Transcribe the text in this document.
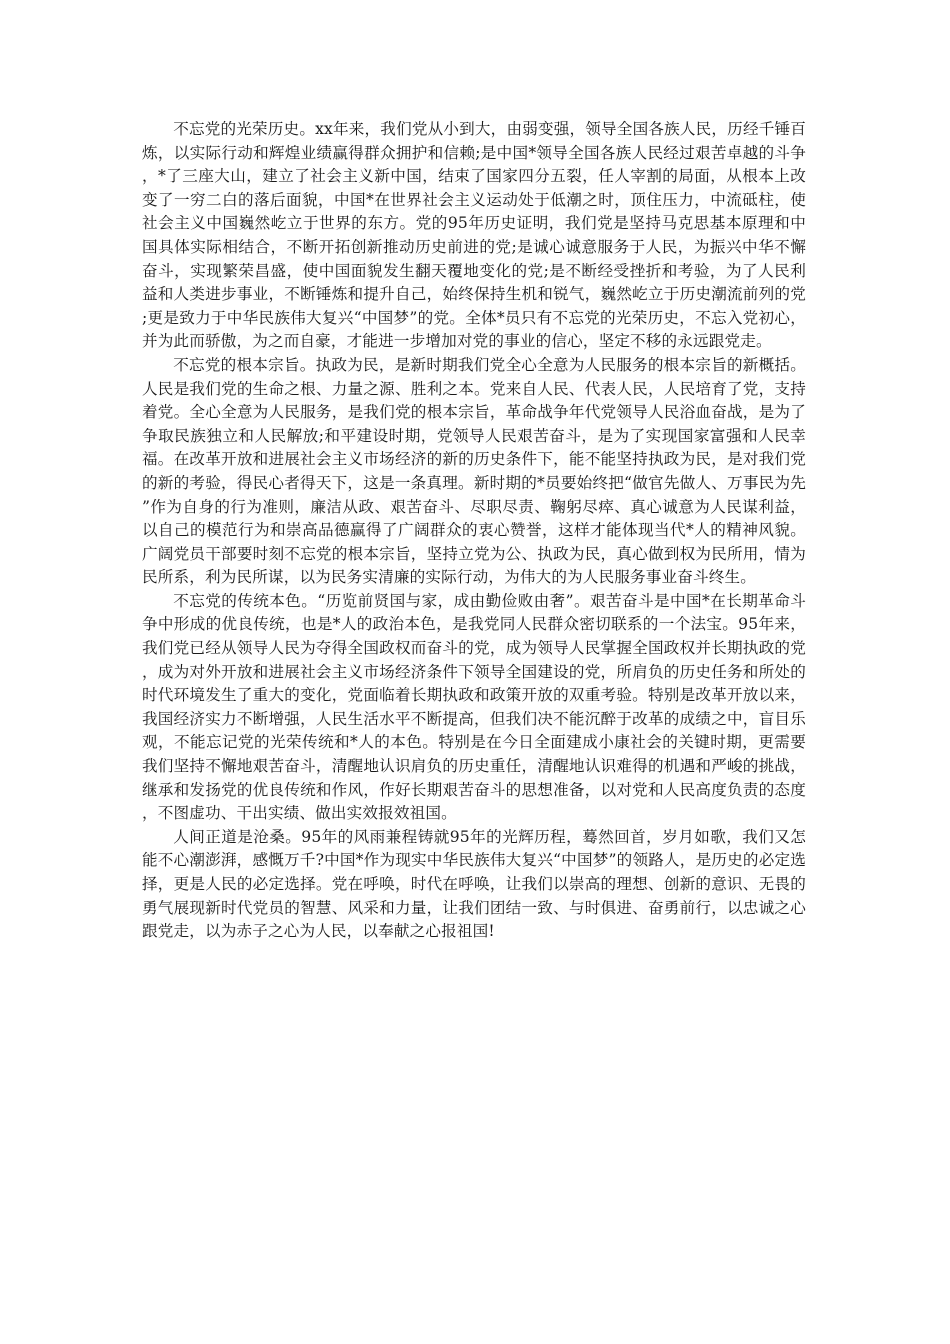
不忘党的光荣历史。xx年来，我们党从小到大，由弱变强，领导全国各族人民，历经千锤百炼，以实际行动和辉煌业绩赢得群众拥护和信赖;是中国*领导全国各族人民经过艰苦卓越的斗争，*了三座大山，建立了社会主义新中国，结束了国家四分五裂，任人宰割的局面，从根本上改变了一穷二白的落后面貌，中国*在世界社会主义运动处于低潮之时，顶住压力，中流砥柱，使社会主义中国巍然屹立于世界的东方。党的95年历史证明，我们党是坚持马克思基本原理和中国具体实际相结合，不断开拓创新推动历史前进的党;是诚心诚意服务于人民，为振兴中华不懈奋斗，实现繁荣昌盛，使中国面貌发生翻天覆地变化的党;是不断经受挫折和考验，为了人民利益和人类进步事业，不断锤炼和提升自己，始终保持生机和锐气，巍然屹立于历史潮流前列的党;更是致力于中华民族伟大复兴“中国梦”的党。全体*员只有不忘党的光荣历史，不忘入党初心，并为此而骄傲，为之而自豪，才能进一步增加对党的事业的信心，坚定不移的永远跟党走。

不忘党的根本宗旨。执政为民，是新时期我们党全心全意为人民服务的根本宗旨的新概括。人民是我们党的生命之根、力量之源、胜利之本。党来自人民、代表人民，人民培育了党，支持着党。全心全意为人民服务，是我们党的根本宗旨，革命战争年代党领导人民浴血奋战，是为了争取民族独立和人民解放;和平建设时期，党领导人民艰苦奋斗，是为了实现国家富强和人民幸福。在改革开放和进展社会主义市场经济的新的历史条件下，能不能坚持执政为民，是对我们党的新的考验，得民心者得天下，这是一条真理。新时期的*员要始终把“做官先做人、万事民为先”作为自身的行为准则，廉洁从政、艰苦奋斗、尽职尽责、鞠躬尽瘁、真心诚意为人民谋利益，以自己的模范行为和崇高品德赢得了广阔群众的衷心赞誉，这样才能体现当代*人的精神风貌。广阔党员干部要时刻不忘党的根本宗旨，坚持立党为公、执政为民，真心做到权为民所用，情为民所系，利为民所谋，以为民务实清廉的实际行动，为伟大的为人民服务事业奋斗终生。

不忘党的传统本色。“历览前贤国与家，成由勤俭败由奢”。艰苦奋斗是中国*在长期革命斗争中形成的优良传统，也是*人的政治本色，是我党同人民群众密切联系的一个法宝。95年来，我们党已经从领导人民为夺得全国政权而奋斗的党，成为领导人民掌握全国政权并长期执政的党，成为对外开放和进展社会主义市场经济条件下领导全国建设的党，所肩负的历史任务和所处的时代环境发生了重大的变化，党面临着长期执政和政策开放的双重考验。特别是改革开放以来，我国经济实力不断增强，人民生活水平不断提高，但我们决不能沉醉于改革的成绩之中，盲目乐观，不能忘记党的光荣传统和*人的本色。特别是在今日全面建成小康社会的关键时期，更需要我们坚持不懈地艰苦奋斗，清醒地认识肩负的历史重任，清醒地认识难得的机遇和严峻的挑战，继承和发扬党的优良传统和作风，作好长期艰苦奋斗的思想准备，以对党和人民高度负责的态度，不图虚功、干出实绩、做出实效报效祖国。

人间正道是沧桑。95年的风雨兼程铸就95年的光辉历程，蓦然回首，岁月如歌，我们又怎能不心潮澎湃，感慨万千?中国*作为现实中华民族伟大复兴“中国梦”的领路人，是历史的必定选择，更是人民的必定选择。党在呼唤，时代在呼唤，让我们以崇高的理想、创新的意识、无畏的勇气展现新时代党员的智慧、风采和力量，让我们团结一致、与时俱进、奋勇前行，以忠诚之心跟党走，以为赤子之心为人民，以奉献之心报祖国!
